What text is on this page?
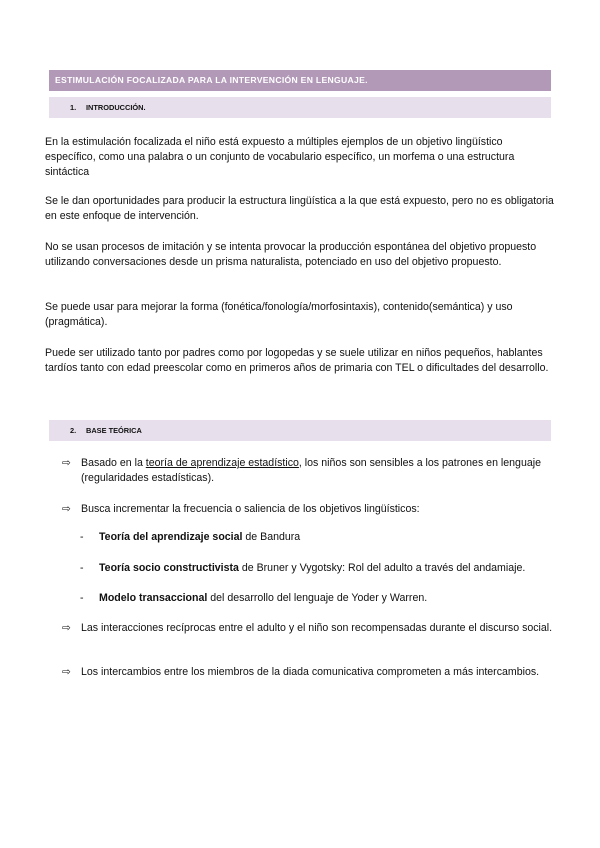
ESTIMULACIÓN FOCALIZADA PARA LA INTERVENCIÓN EN LENGUAJE.
1. INTRODUCCIÓN.

En la estimulación focalizada el niño está expuesto a múltiples ejemplos de un objetivo lingüístico específico, como una palabra o un conjunto de vocabulario específico, un morfema o una estructura sintáctica

Se le dan oportunidades para producir la estructura lingüística a la que está expuesto, pero no es obligatoria en este enfoque de intervención.

No se usan procesos de imitación y se intenta provocar la producción espontánea del objetivo propuesto utilizando conversaciones desde un prisma naturalista, potenciado en uso del objetivo propuesto.

Se puede usar para mejorar la forma (fonética/fonología/morfosintaxis), contenido(semántica) y uso (pragmática).

Puede ser utilizado tanto por padres como por logopedas y se suele utilizar en niños pequeños, hablantes tardíos tanto con edad preescolar como en primeros años de primaria con TEL o dificultades del desarrollo.

2. BASE TEÓRICA
⇨ Basado en la teoría de aprendizaje estadístico, los niños son sensibles a los patrones en lenguaje (regularidades estadísticas).
⇨ Busca incrementar la frecuencia o saliencia de los objetivos lingüísticos:
- Teoría del aprendizaje social de Bandura
- Teoría socio constructivista de Bruner y Vygotsky: Rol del adulto a través del andamiaje.
- Modelo transaccional del desarrollo del lenguaje de Yoder y Warren.
⇨ Las interacciones recíprocas entre el adulto y el niño son recompensadas durante el discurso social.
⇨ Los intercambios entre los miembros de la diada comunicativa comprometen a más intercambios.
